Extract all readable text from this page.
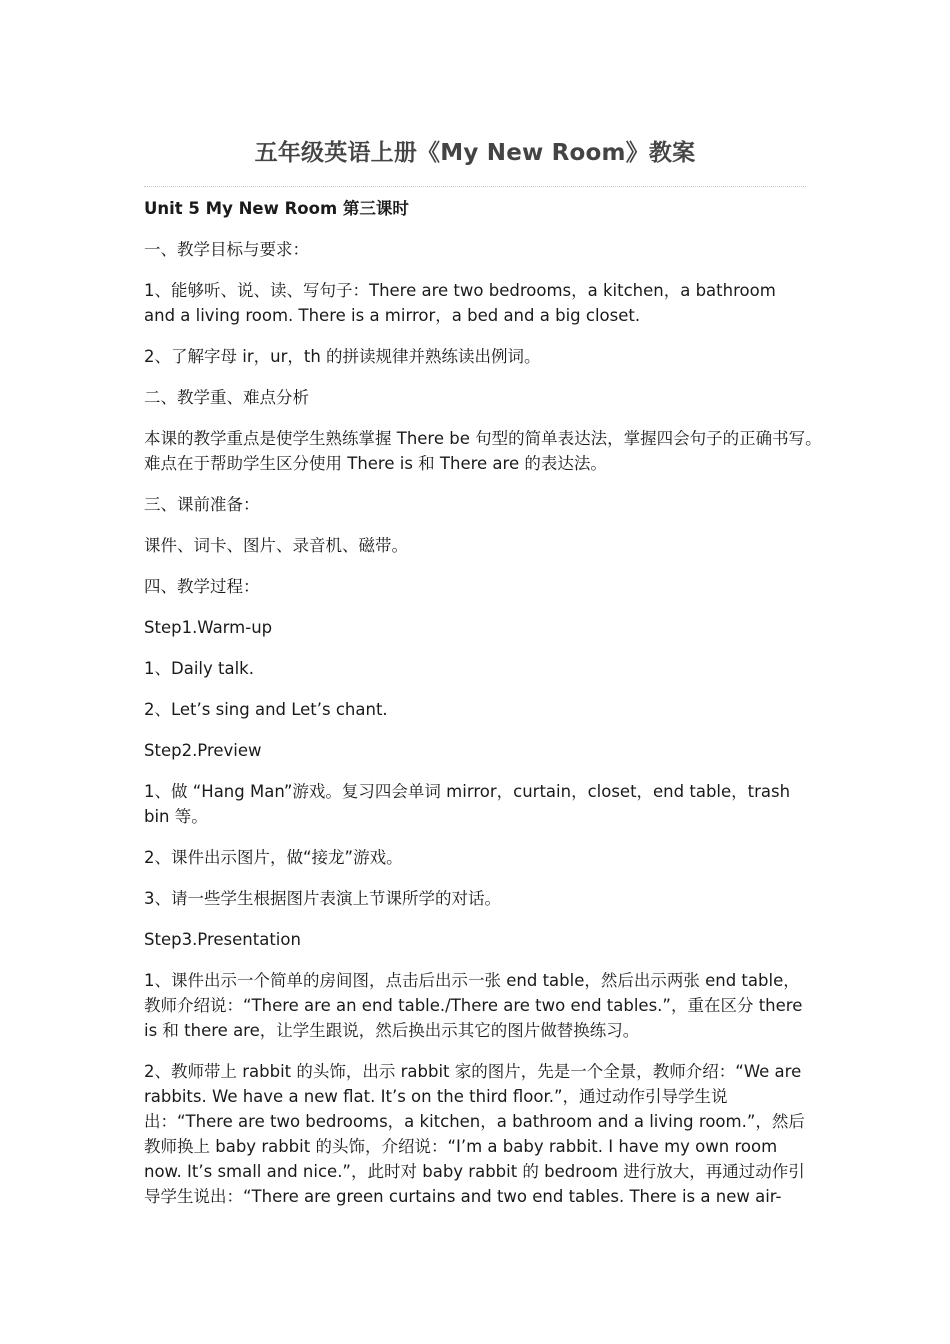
五年级英语上册《My New Room》教案

Unit 5 My New Room 第三课时

一、教学目标与要求：

1、能够听、说、读、写句子：There are two bedrooms，a kitchen，a bathroom and a living room. There is a mirror，a bed and a big closet.

2、了解字母 ir，ur，th 的拼读规律并熟练读出例词。

二、教学重、难点分析

本课的教学重点是使学生熟练掌握 There be 句型的简单表达法，掌握四会句子的正确书写。难点在于帮助学生区分使用 There is 和 There are 的表达法。

三、课前准备：

课件、词卡、图片、录音机、磁带。

四、教学过程：

Step1.Warm-up

1、Daily talk.

2、Let’s sing and Let’s chant.

Step2.Preview

1、做 “Hang Man”游戏。复习四会单词 mirror，curtain，closet，end table，trash bin 等。

2、课件出示图片，做“接龙”游戏。

3、请一些学生根据图片表演上节课所学的对话。

Step3.Presentation

1、课件出示一个简单的房间图，点击后出示一张 end table，然后出示两张 end table，教师介绍说：“There are an end table./There are two end tables.”，重在区分 there is 和 there are，让学生跟说，然后换出示其它的图片做替换练习。

2、教师带上 rabbit 的头饰，出示 rabbit 家的图片，先是一个全景，教师介绍：“We are rabbits. We have a new flat. It’s on the third floor.”，通过动作引导学生说出：“There are two bedrooms，a kitchen，a bathroom and a living room.”，然后教师换上 baby rabbit 的头饰，介绍说：“I’m a baby rabbit. I have my own room now. It’s small and nice.”，此时对 baby rabbit 的 bedroom 进行放大，再通过动作引导学生说出：“There are green curtains and two end tables. There is a new air-
